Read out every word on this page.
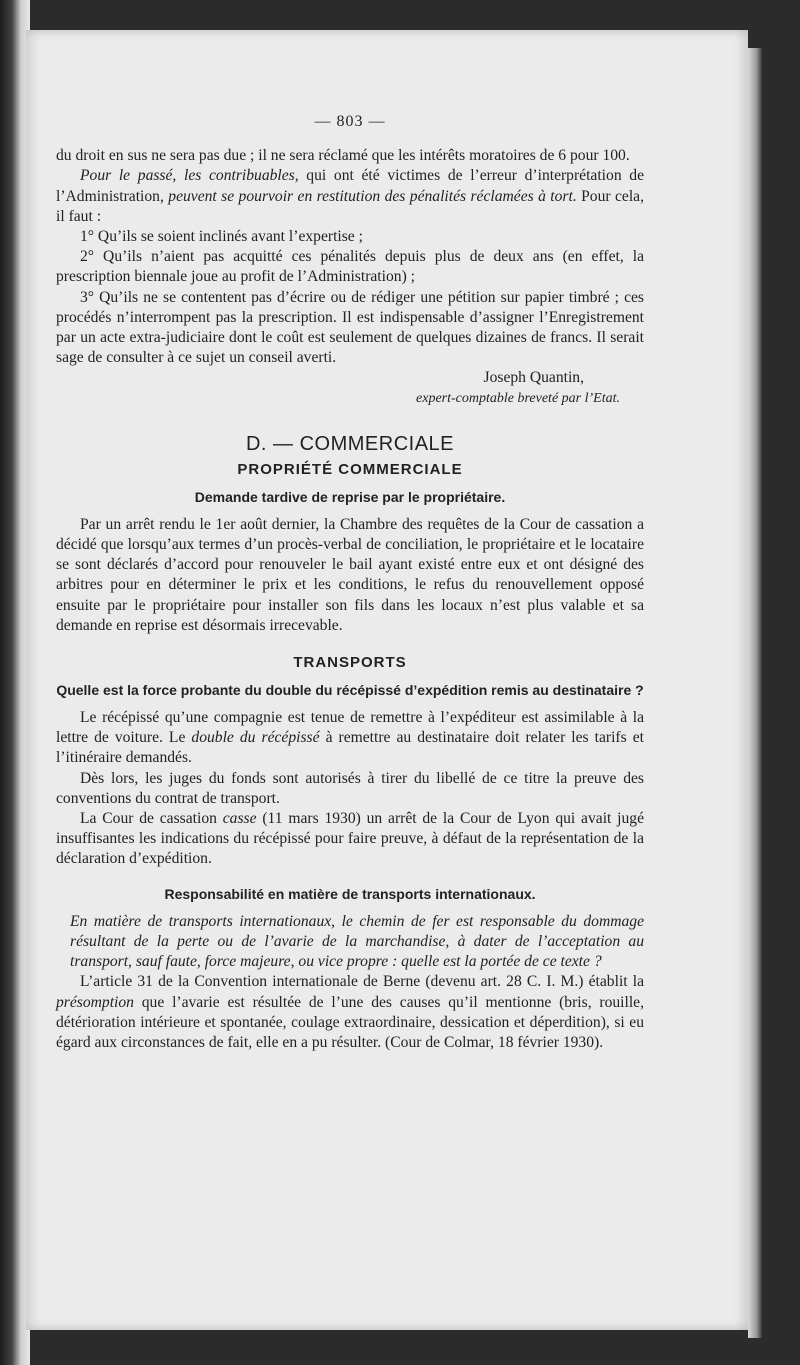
— 803 —

du droit en sus ne sera pas due ; il ne sera réclamé que les intérêts moratoires de 6 pour 100.

Pour le passé, les contribuables, qui ont été victimes de l’erreur d’interprétation de l’Administration, peuvent se pourvoir en restitution des pénalités réclamées à tort. Pour cela, il faut :

1° Qu’ils se soient inclinés avant l’expertise ;

2° Qu’ils n’aient pas acquitté ces pénalités depuis plus de deux ans (en effet, la prescription biennale joue au profit de l’Administration) ;

3° Qu’ils ne se contentent pas d’écrire ou de rédiger une pétition sur papier timbré ; ces procédés n’interrompent pas la prescription. Il est indispensable d’assigner l’Enregistrement par un acte extra-judiciaire dont le coût est seulement de quelques dizaines de francs. Il serait sage de consulter à ce sujet un conseil averti.

Joseph Quantin,

expert-comptable breveté par l’Etat.

D. — COMMERCIALE
PROPRIÉTÉ COMMERCIALE
Demande tardive de reprise par le propriétaire.

Par un arrêt rendu le 1er août dernier, la Chambre des requêtes de la Cour de cassation a décidé que lorsqu’aux termes d’un procès-verbal de conciliation, le propriétaire et le locataire se sont déclarés d’accord pour renouveler le bail ayant existé entre eux et ont désigné des arbitres pour en déterminer le prix et les conditions, le refus du renouvellement opposé ensuite par le propriétaire pour installer son fils dans les locaux n’est plus valable et sa demande en reprise est désormais irrecevable.

TRANSPORTS
Quelle est la force probante du double du récépissé d’expédition remis au destinataire ?

Le récépissé qu’une compagnie est tenue de remettre à l’expéditeur est assimilable à la lettre de voiture. Le double du récépissé à remettre au destinataire doit relater les tarifs et l’itinéraire demandés.

Dès lors, les juges du fonds sont autorisés à tirer du libellé de ce titre la preuve des conventions du contrat de transport.

La Cour de cassation casse (11 mars 1930) un arrêt de la Cour de Lyon qui avait jugé insuffisantes les indications du récépissé pour faire preuve, à défaut de la représentation de la déclaration d’expédition.

Responsabilité en matière de transports internationaux.

En matière de transports internationaux, le chemin de fer est responsable du dommage résultant de la perte ou de l’avarie de la marchandise, à dater de l’acceptation au transport, sauf faute, force majeure, ou vice propre : quelle est la portée de ce texte ?

L’article 31 de la Convention internationale de Berne (devenu art. 28 C. I. M.) établit la présomption que l’avarie est résultée de l’une des causes qu’il mentionne (bris, rouille, détérioration intérieure et spontanée, coulage extraordinaire, dessication et déperdition), si eu égard aux circonstances de fait, elle en a pu résulter. (Cour de Colmar, 18 février 1930).
